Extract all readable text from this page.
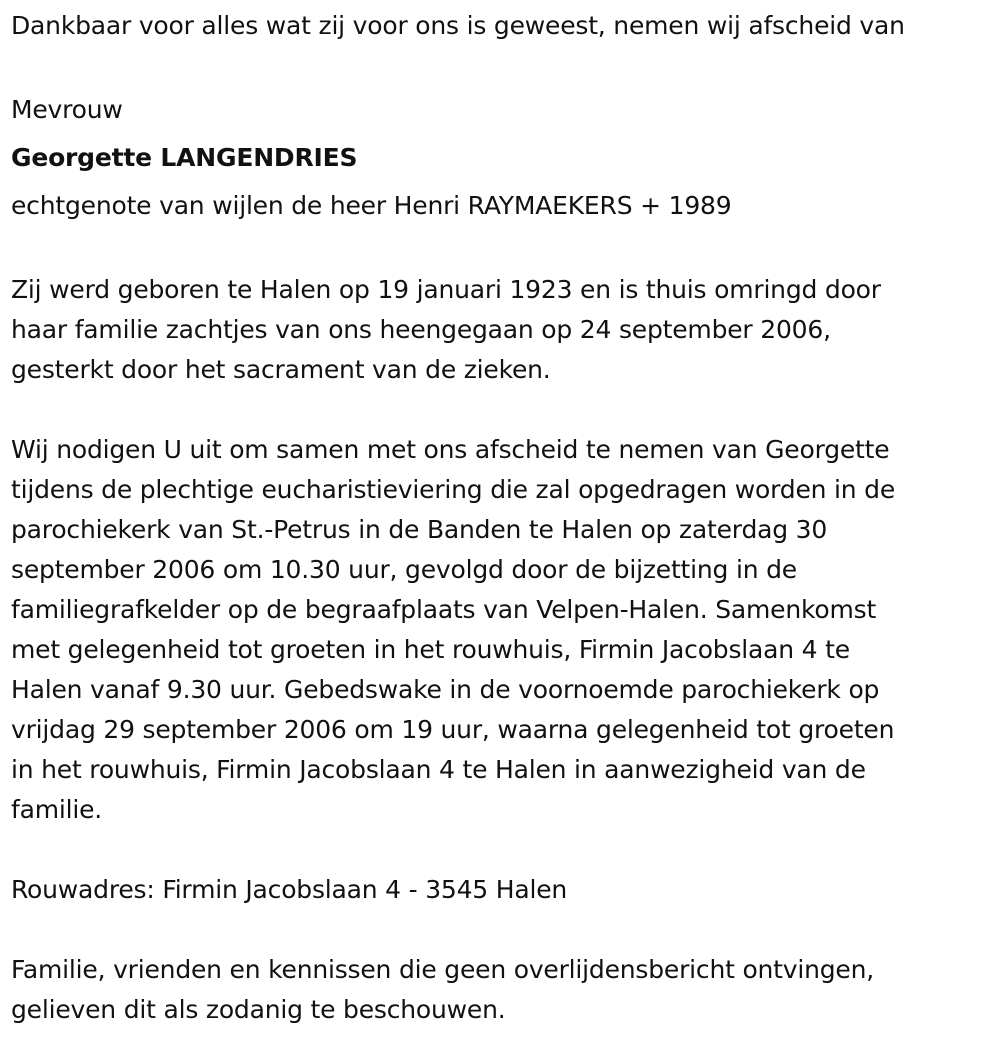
Dankbaar voor alles wat zij voor ons is geweest, nemen wij afscheid van
Mevrouw
Georgette LANGENDRIES
echtgenote van wijlen de heer Henri RAYMAEKERS + 1989
Zij werd geboren te Halen op 19 januari 1923 en is thuis omringd door
haar familie zachtjes van ons heengegaan op 24 september 2006,
gesterkt door het sacrament van de zieken.
Wij nodigen U uit om samen met ons afscheid te nemen van Georgette
tijdens de plechtige eucharistieviering die zal opgedragen worden in de
parochiekerk van St.-Petrus in de Banden te Halen op zaterdag 30
september 2006 om 10.30 uur, gevolgd door de bijzetting in de
familiegrafkelder op de begraafplaats van Velpen-Halen. Samenkomst
met gelegenheid tot groeten in het rouwhuis, Firmin Jacobslaan 4 te
Halen vanaf 9.30 uur. Gebedswake in de voornoemde parochiekerk op
vrijdag 29 september 2006 om 19 uur, waarna gelegenheid tot groeten
in het rouwhuis, Firmin Jacobslaan 4 te Halen in aanwezigheid van de
familie.
Rouwadres: Firmin Jacobslaan 4 - 3545 Halen
Familie, vrienden en kennissen die geen overlijdensbericht ontvingen,
gelieven dit als zodanig te beschouwen.
